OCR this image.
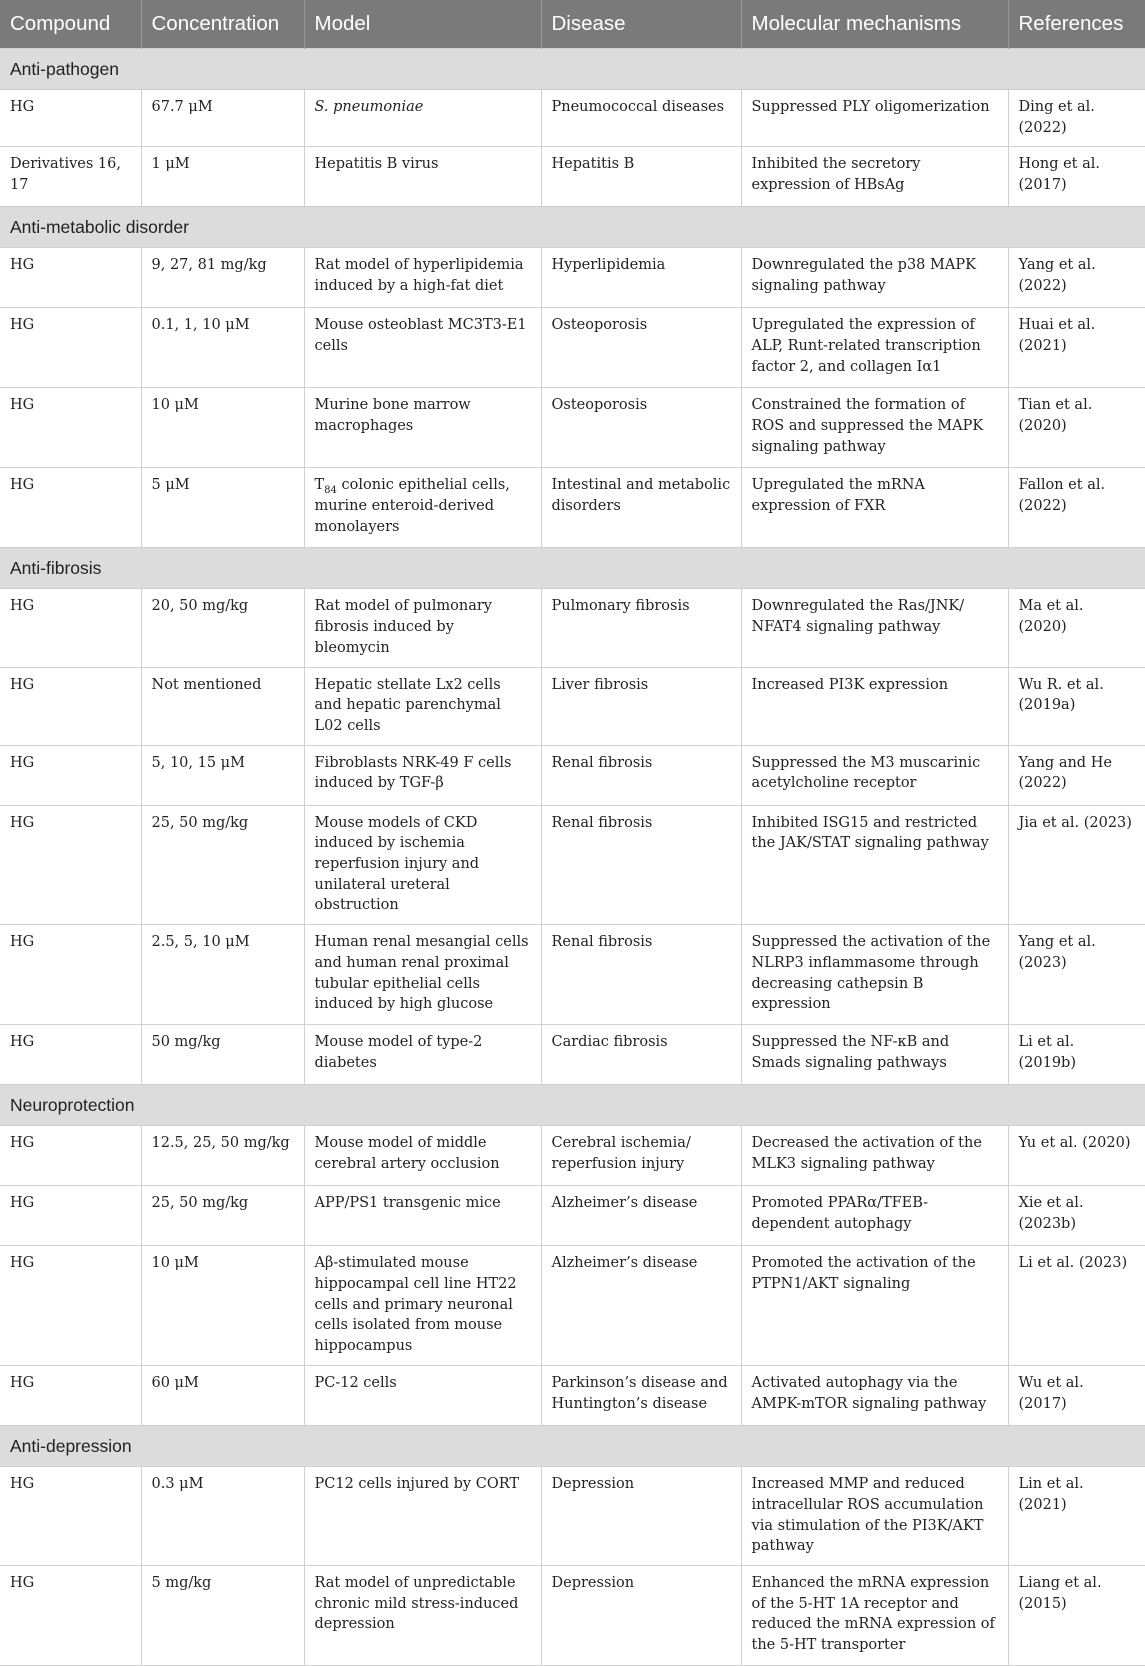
Compound	Concentration	Model	Disease	Molecular mechanisms	References
Anti-pathogen					
HG	67.7 μM	S. pneumoniae	Pneumococcal diseases	Suppressed PLY oligomerization	Ding et al. (2022)
Derivatives 16, 17	1 μM	Hepatitis B virus	Hepatitis B	Inhibited the secretory expression of HBsAg	Hong et al. (2017)
Anti-metabolic disorder					
HG	9, 27, 81 mg/kg	Rat model of hyperlipidemia induced by a high-fat diet	Hyperlipidemia	Downregulated the p38 MAPK signaling pathway	Yang et al. (2022)
HG	0.1, 1, 10 μM	Mouse osteoblast MC3T3-E1 cells	Osteoporosis	Upregulated the expression of ALP, Runt-related transcription factor 2, and collagen Iα1	Huai et al. (2021)
HG	10 μM	Murine bone marrow macrophages	Osteoporosis	Constrained the formation of ROS and suppressed the MAPK signaling pathway	Tian et al. (2020)
HG	5 μM	$T_{84}$ colonic epithelial cells, murine enteroid-derived monolayers	Intestinal and metabolic disorders	Upregulated the mRNA expression of FXR	Fallon et al. (2022)
Anti-fibrosis					
HG	20, 50 mg/kg	Rat model of pulmonary fibrosis induced by bleomycin	Pulmonary fibrosis	Downregulated the Ras/JNK/ NFAT4 signaling pathway	Ma et al. (2020)
HG	Not mentioned	Hepatic stellate Lx2 cells and hepatic parenchymal L02 cells	Liver fibrosis	Increased PI3K expression	Wu R. et al. (2019a)
HG	5, 10, 15 μM	Fibroblasts NRK-49 F cells induced by TGF-β	Renal fibrosis	Suppressed the M3 muscarinic acetylcholine receptor	Yang and He (2022)
HG	25, 50 mg/kg	Mouse models of CKD induced by ischemia reperfusion injury and unilateral ureteral obstruction	Renal fibrosis	Inhibited ISG15 and restricted the JAK/STAT signaling pathway	Jia et al. (2023)
HG	2.5, 5, 10 μM	Human renal mesangial cells and human renal proximal tubular epithelial cells induced by high glucose	Renal fibrosis	Suppressed the activation of the NLRP3 inflammasome through decreasing cathepsin B expression	Yang et al. (2023)
HG	50 mg/kg	Mouse model of type-2 diabetes	Cardiac fibrosis	Suppressed the NF-κB and Smads signaling pathways	Li et al. (2019b)
Neuroprotection					
HG	12.5, 25, 50 mg/kg	Mouse model of middle cerebral artery occlusion	Cerebral ischemia/ reperfusion injury	Decreased the activation of the MLK3 signaling pathway	Yu et al. (2020)
HG	25, 50 mg/kg	APP/PS1 transgenic mice	Alzheimer’s disease	Promoted PPARα/TFEB-dependent autophagy	Xie et al. (2023b)
HG	10 μM	Aβ-stimulated mouse hippocampal cell line HT22 cells and primary neuronal cells isolated from mouse hippocampus	Alzheimer’s disease	Promoted the activation of the PTPN1/AKT signaling	Li et al. (2023)
HG	60 μM	PC-12 cells	Parkinson’s disease and Huntington’s disease	Activated autophagy via the AMPK-mTOR signaling pathway	Wu et al. (2017)
Anti-depression					
HG	0.3 μM	PC12 cells injured by CORT	Depression	Increased MMP and reduced intracellular ROS accumulation via stimulation of the PI3K/AKT pathway	Lin et al. (2021)
HG	5 mg/kg	Rat model of unpredictable chronic mild stress-induced depression	Depression	Enhanced the mRNA expression of the 5-HT 1A receptor and reduced the mRNA expression of the 5-HT transporter	Liang et al. (2015)
